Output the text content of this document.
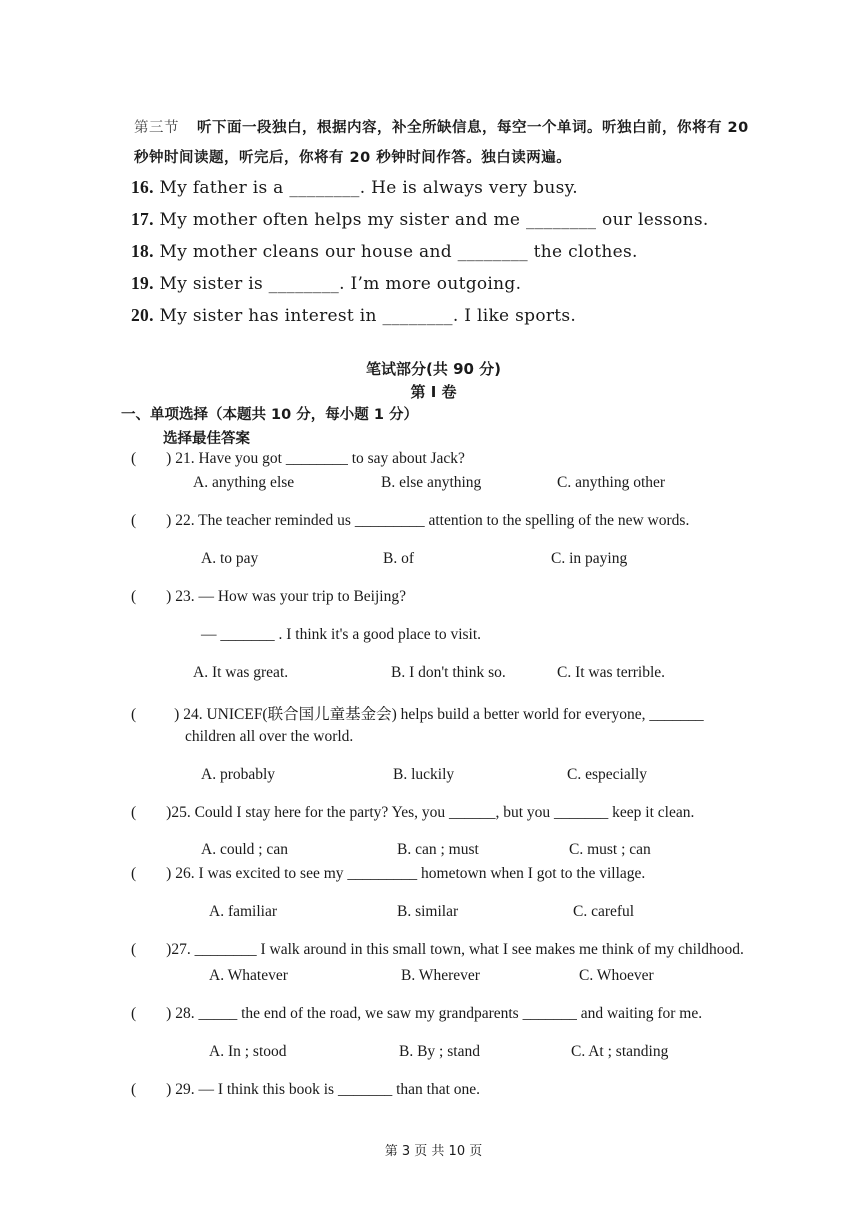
第三节 听下面一段独白，根据内容，补全所缺信息，每空一个单词。听独白前，你将有 20
秒钟时间读题，听完后，你将有 20 秒钟时间作答。独白读两遍。
16. My father is a ________. He is always very busy.
17. My mother often helps my sister and me ________ our lessons.
18. My mother cleans our house and ________ the clothes.
19. My sister is ________. I’m more outgoing.
20. My sister has interest in ________. I like sports.
笔试部分(共 90 分)
第 I 卷
一、单项选择（本题共 10 分，每小题 1 分）
选择最佳答案
( ) 21. Have you got ________ to say about Jack?
A. anything else	B. else anything	C. anything other
( ) 22. The teacher reminded us _________ attention to the spelling of the new words.
A. to pay	B. of	C. in paying
( ) 23. — How was your trip to Beijing?
— _______ . I think it's a good place to visit.
A. It was great.	B. I don't think so.	C. It was terrible.
( ) 24. UNICEF(联合国儿童基金会) helps build a better world for everyone, _______
children all over the world.
A. probably	B. luckily	C. especially
( )25. Could I stay here for the party? Yes, you ______, but you _______ keep it clean.
A. could ; can	B. can ; must	C. must ; can
( ) 26. I was excited to see my _________ hometown when I got to the village.
A. familiar	B. similar	C. careful
( )27. ________ I walk around in this small town, what I see makes me think of my childhood.
A. Whatever	B. Wherever	C. Whoever
( ) 28. _____ the end of the road, we saw my grandparents _______ and waiting for me.
A. In ; stood	B. By ; stand	C. At ; standing
( ) 29. — I think this book is _______ than that one.
第 3 页 共 10 页
